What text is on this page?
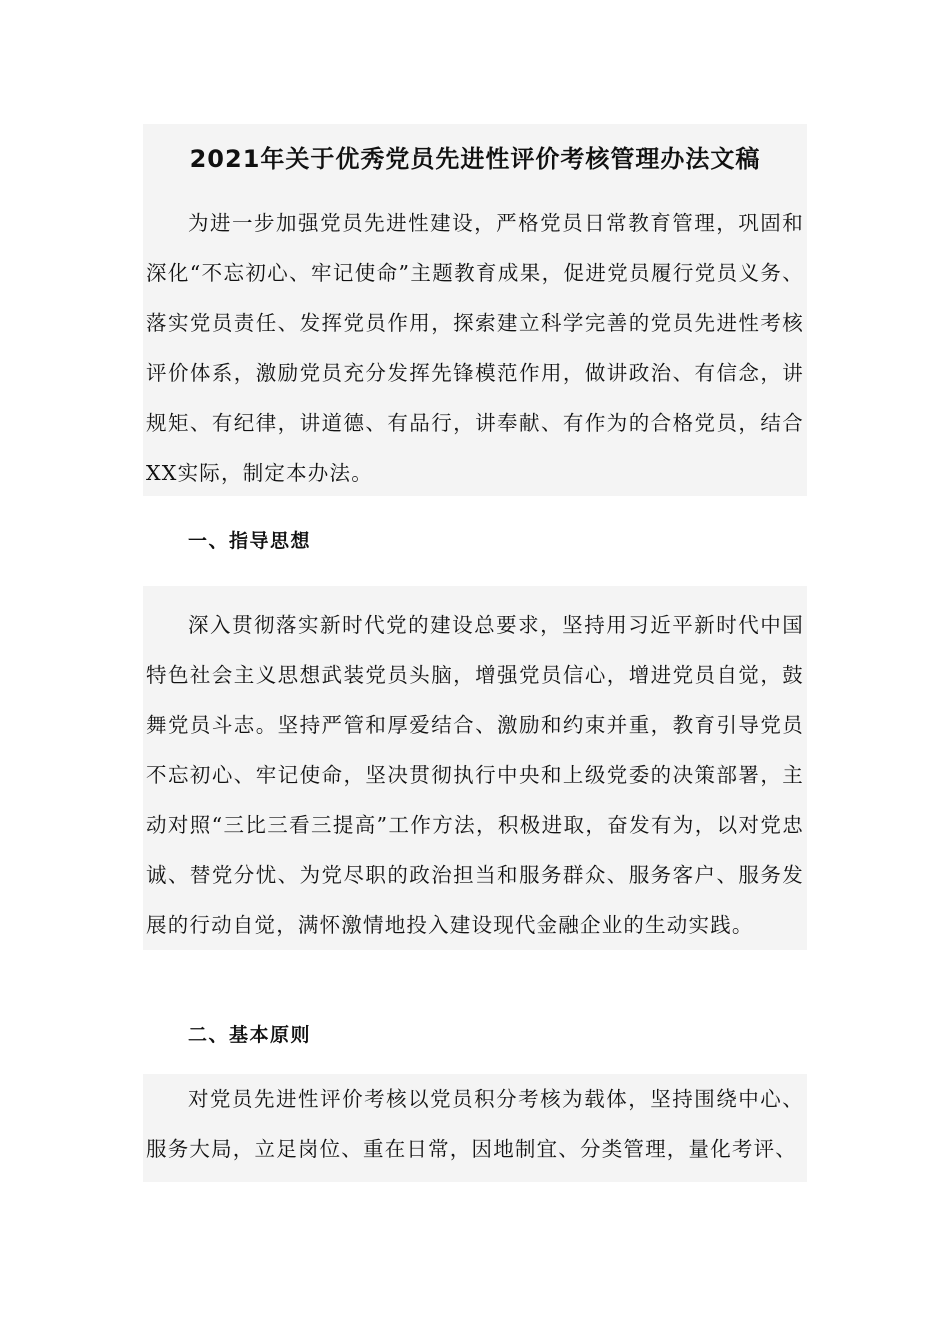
2021年关于优秀党员先进性评价考核管理办法文稿

为进一步加强党员先进性建设，严格党员日常教育管理，巩固和深化“不忘初心、牢记使命”主题教育成果，促进党员履行党员义务、落实党员责任、发挥党员作用，探索建立科学完善的党员先进性考核评价体系，激励党员充分发挥先锋模范作用，做讲政治、有信念，讲规矩、有纪律，讲道德、有品行，讲奉献、有作为的合格党员，结合XX实际，制定本办法。

一、指导思想

深入贯彻落实新时代党的建设总要求，坚持用习近平新时代中国特色社会主义思想武装党员头脑，增强党员信心，增进党员自觉，鼓舞党员斗志。坚持严管和厚爱结合、激励和约束并重，教育引导党员不忘初心、牢记使命，坚决贯彻执行中央和上级党委的决策部署，主动对照“三比三看三提高”工作方法，积极进取，奋发有为，以对党忠诚、替党分忧、为党尽职的政治担当和服务群众、服务客户、服务发展的行动自觉，满怀激情地投入建设现代金融企业的生动实践。

二、基本原则

对党员先进性评价考核以党员积分考核为载体，坚持围绕中心、服务大局，立足岗位、重在日常，因地制宜、分类管理，量化考评、
